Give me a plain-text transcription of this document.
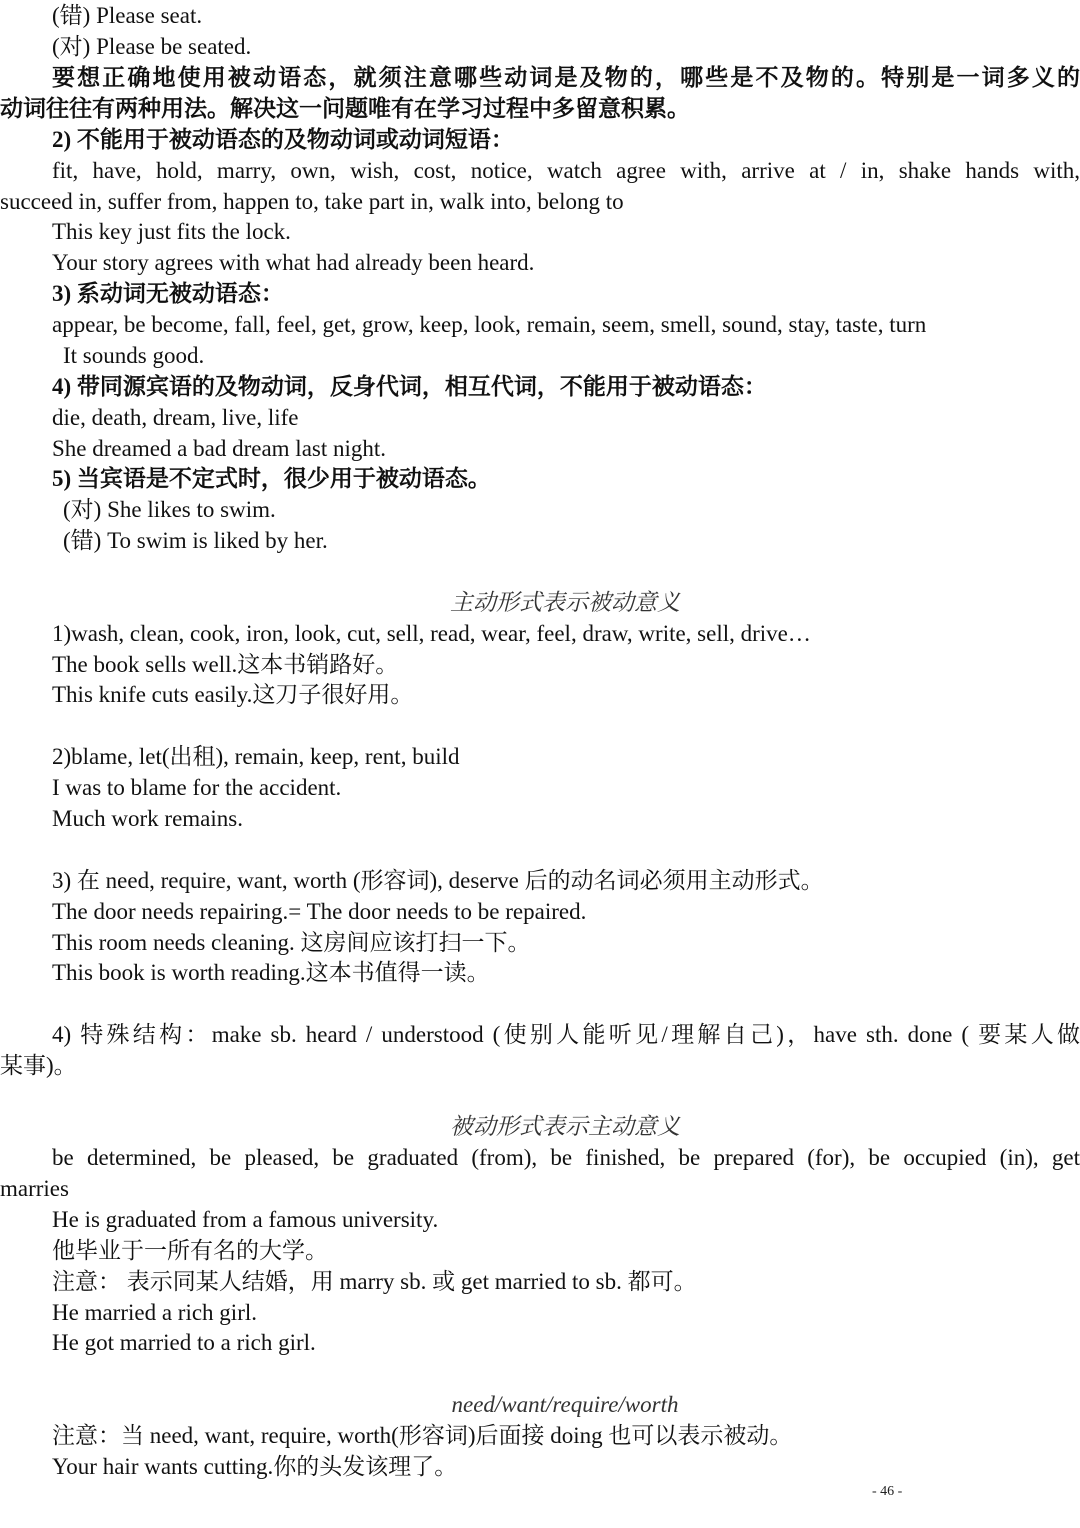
(错) Please seat.
(对) Please be seated.
要想正确地使用被动语态，就须注意哪些动词是及物的，哪些是不及物的。特别是一词多义的
动词往往有两种用法。解决这一问题唯有在学习过程中多留意积累。
2) 不能用于被动语态的及物动词或动词短语：
fit, have, hold, marry, own, wish, cost, notice, watch agree with, arrive at / in, shake hands with,
succeed in, suffer from, happen to, take part in, walk into, belong to
This key just fits the lock.
Your story agrees with what had already been heard.
3) 系动词无被动语态：
appear, be become, fall, feel, get, grow, keep, look, remain, seem, smell, sound, stay, taste, turn
It sounds good.
4) 带同源宾语的及物动词，反身代词，相互代词，不能用于被动语态：
die, death, dream, live, life
She dreamed a bad dream last night.
5) 当宾语是不定式时，很少用于被动语态。
(对) She likes to swim.
(错) To swim is liked by her.
主动形式表示被动意义
1)wash, clean, cook, iron, look, cut, sell, read, wear, feel, draw, write, sell, drive…
The book sells well.这本书销路好。
This knife cuts easily.这刀子很好用。
2)blame, let(出租), remain, keep, rent, build
I was to blame for the accident.
Much work remains.
3) 在 need, require, want, worth (形容词), deserve 后的动名词必须用主动形式。
The door needs repairing.= The door needs to be repaired.
This room needs cleaning. 这房间应该打扫一下。
This book is worth reading.这本书值得一读。
4) 特殊结构：make sb. heard / understood (使别人能听见/理解自己)，have sth. done ( 要某人做
某事)。
被动形式表示主动意义
be determined, be pleased, be graduated (from), be finished, be prepared (for), be occupied (in), get
marries
He is graduated from a famous university.
他毕业于一所有名的大学。
注意： 表示同某人结婚，用 marry sb. 或 get married to sb. 都可。
He married a rich girl.
He got married to a rich girl.
need/want/require/worth
注意：当 need, want, require, worth(形容词)后面接 doing 也可以表示被动。
Your hair wants cutting.你的头发该理了。
- 46 -
